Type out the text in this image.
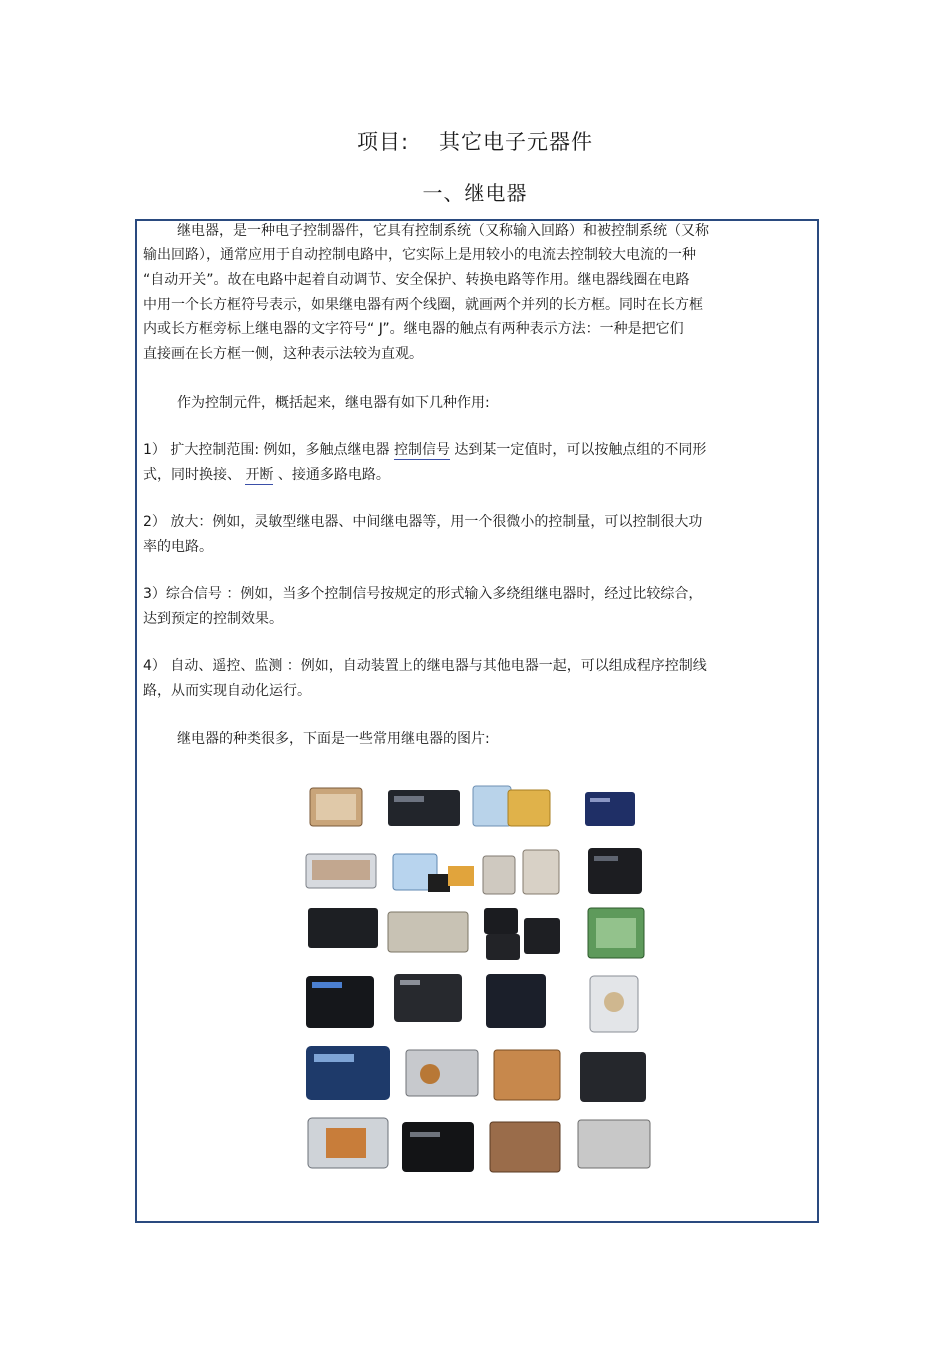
项目: 其它电子元器件
一、继电器
继电器，是一种电子控制器件，它具有控制系统（又称输入回路）和被控制系统（又称
输出回路），通常应用于自动控制电路中，它实际上是用较小的电流去控制较大电流的一种
“自动开关”。故在电路中起着自动调节、安全保护、转换电路等作用。继电器线圈在电路
中用一个长方框符号表示，如果继电器有两个线圈，就画两个并列的长方框。同时在长方框
内或长方框旁标上继电器的文字符号“ J”。继电器的触点有两种表示方法：一种是把它们
直接画在长方框一侧，这种表示法较为直观。
作为控制元件，概括起来，继电器有如下几种作用:
1） 扩大控制范围: 例如，多触点继电器 控制信号 达到某一定值时，可以按触点组的不同形
式，同时换接、 开断 、接通多路电路。
2） 放大：例如，灵敏型继电器、中间继电器等，用一个很微小的控制量，可以控制很大功
率的电路。
3）综合信号 ：例如，当多个控制信号按规定的形式输入多绕组继电器时，经过比较综合，
达到预定的控制效果。
4） 自动、遥控、监测 ：例如，自动装置上的继电器与其他电器一起，可以组成程序控制线
路，从而实现自动化运行。
继电器的种类很多，下面是一些常用继电器的图片:
